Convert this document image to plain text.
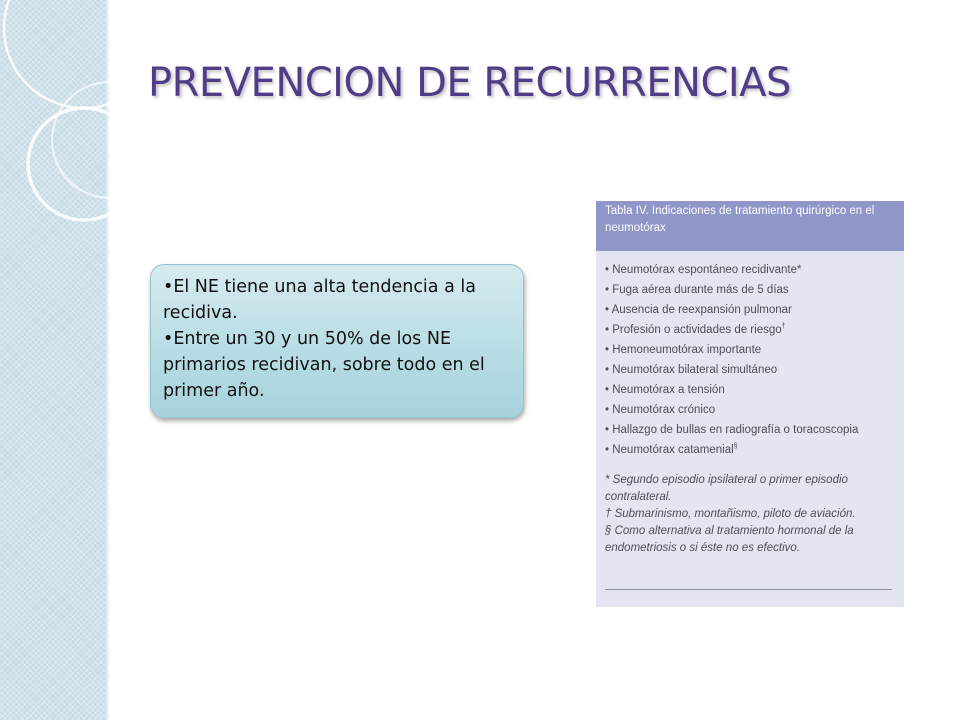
PREVENCION DE RECURRENCIAS

•El NE tiene una alta tendencia a la recidiva.

•Entre un 30 y un 50% de los NE primarios recidivan, sobre todo en el primer año.

Tabla IV. Indicaciones de tratamiento quirúrgico en el neumotórax
• Neumotórax espontáneo recidivante*
• Fuga aérea durante más de 5 días
• Ausencia de reexpansión pulmonar
• Profesión o actividades de riesgo†
• Hemoneumotórax importante
• Neumotórax bilateral simultáneo
• Neumotórax a tensión
• Neumotórax crónico
• Hallazgo de bullas en radiografía o toracoscopia
• Neumotórax catamenial§

* Segundo episodio ipsilateral o primer episodio contralateral.

† Submarinismo, montañismo, piloto de aviación.

§ Como alternativa al tratamiento hormonal de la endometriosis o si éste no es efectivo.
